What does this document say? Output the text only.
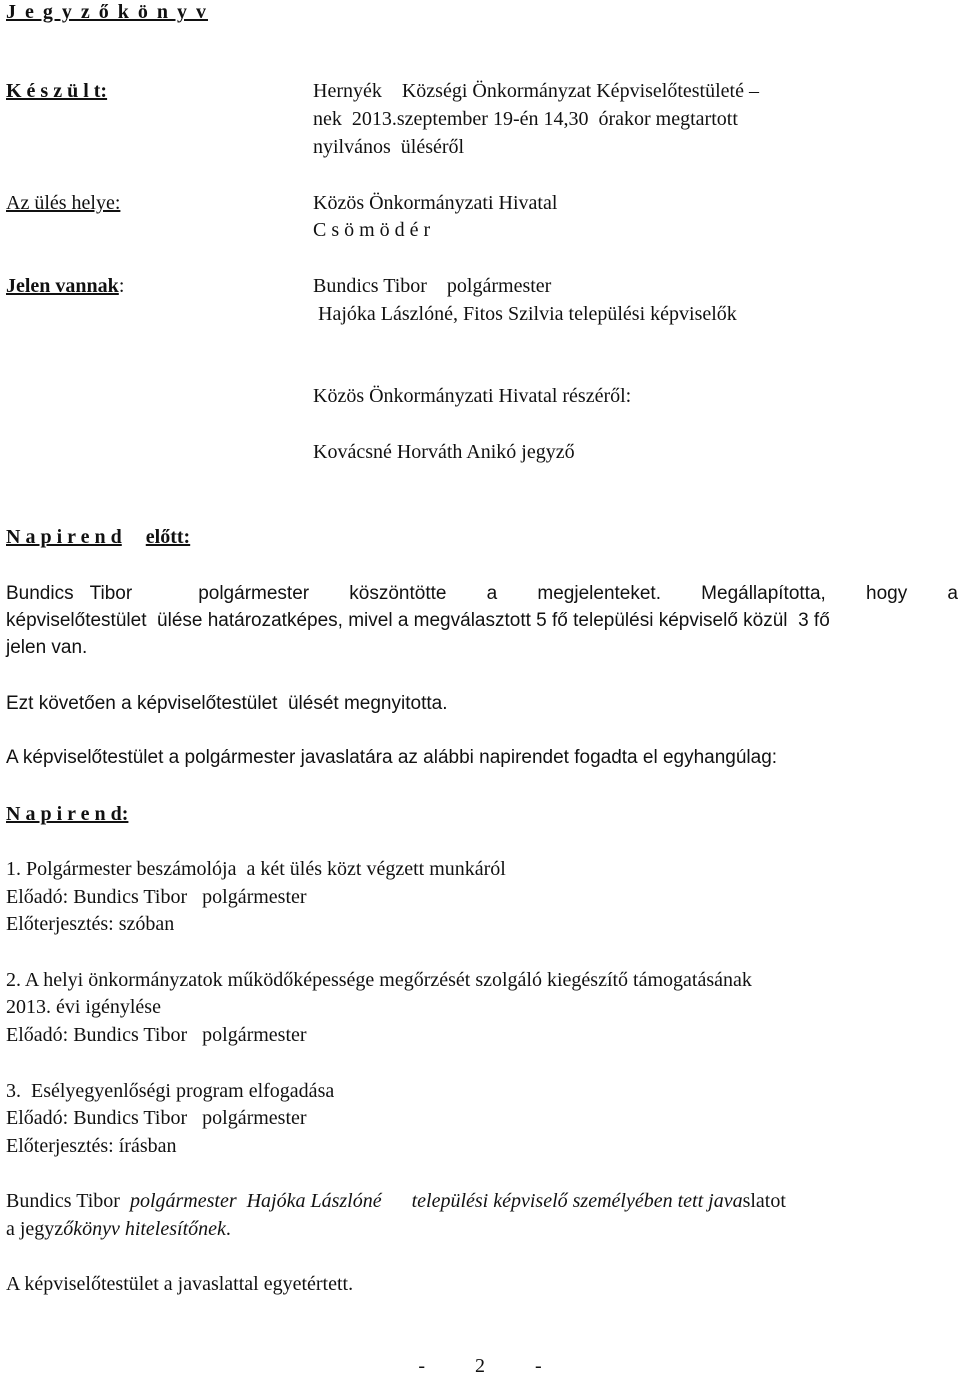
J e g y z ő k ö n y v
K é s z ü l t:	Hernyék    Községi Önkormányzat Képviselőtestületé –
nek  2013.szeptember 19-én 14,30  órakor megtartott
nyilvános  üléséről
Az ülés helye:	Közös Önkormányzati Hivatal
C s ö m ö d é r
Jelen vannak:	Bundics Tibor    polgármester
Hajóka Lászlóné, Fitos Szilvia települési képviselők
Közös Önkormányzati Hivatal részéről:
Kovácsné Horváth Anikó jegyző
N a p i r e n d előtt:
Bundics Tibor	polgármester köszöntötte a megjelenteket. Megállapította, hogy a
képviselőtestület  ülése határozatképes, mivel a megválasztott 5 fő települési képviselő közül  3 fő
jelen van.
Ezt követően a képviselőtestület  ülését megnyitotta.
A képviselőtestület a polgármester javaslatára az alábbi napirendet fogadta el egyhangúlag:
N a p i r e n d:
1. Polgármester beszámolója  a két ülés közt végzett munkáról
Előadó: Bundics Tibor   polgármester
Előterjesztés: szóban
2. A helyi önkormányzatok működőképessége megőrzését szolgáló kiegészítő támogatásának
2013. évi igénylése
Előadó: Bundics Tibor   polgármester
3.  Esélyegyenlőségi program elfogadása
Előadó: Bundics Tibor   polgármester
Előterjesztés: írásban
Bundics Tibor  polgármester  Hajóka Lászlóné      települési képviselő személyében tett javaslatot
a jegyzőkönyv hitelesítőnek.
A képviselőtestület a javaslattal egyetértett.
-          2          -
